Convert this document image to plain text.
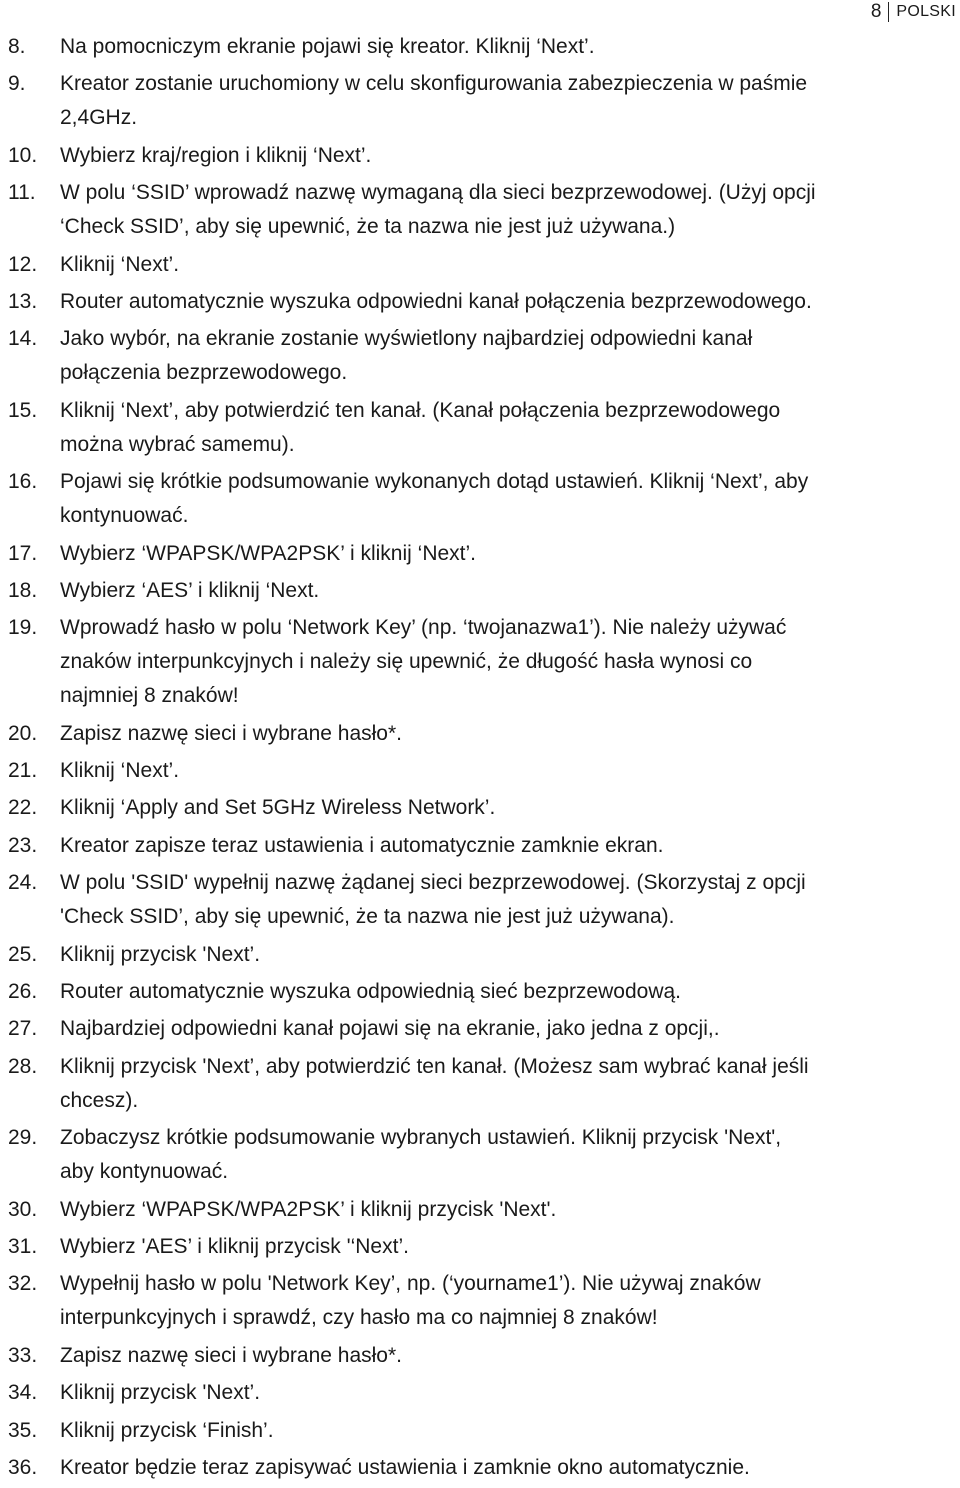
8 POLSKI
8.	Na pomocniczym ekranie pojawi się kreator. Kliknij ‘Next’.
9.	Kreator zostanie uruchomiony w celu skonfigurowania zabezpieczenia w paśmie
2,4GHz.
10.	Wybierz kraj/region i kliknij ‘Next’.
11.	W polu ‘SSID’ wprowadź nazwę wymaganą dla sieci bezprzewodowej. (Użyj opcji
‘Check SSID’, aby się upewnić, że ta nazwa nie jest już używana.)
12.	Kliknij ‘Next’.
13.	Router automatycznie wyszuka odpowiedni kanał połączenia bezprzewodowego.
14.	Jako wybór, na ekranie zostanie wyświetlony najbardziej odpowiedni kanał
połączenia bezprzewodowego.
15.	Kliknij ‘Next’, aby potwierdzić ten kanał. (Kanał połączenia bezprzewodowego
można wybrać samemu).
16.	Pojawi się krótkie podsumowanie wykonanych dotąd ustawień. Kliknij ‘Next’, aby
kontynuować.
17.	Wybierz ‘WPAPSK/WPA2PSK’ i kliknij ‘Next’.
18.	Wybierz ‘AES’ i kliknij ‘Next.
19.	Wprowadź hasło w polu ‘Network Key’ (np. ‘twojanazwa1’). Nie należy używać
znaków interpunkcyjnych i należy się upewnić, że długość hasła wynosi co
najmniej 8 znaków!
20.	Zapisz nazwę sieci i wybrane hasło*.
21.	Kliknij ‘Next’.
22.	Kliknij ‘Apply and Set 5GHz Wireless Network’.
23.	Kreator zapisze teraz ustawienia i automatycznie zamknie ekran.
24.	W polu 'SSID' wypełnij nazwę żądanej sieci bezprzewodowej. (Skorzystaj z opcji
'Check SSID’, aby się upewnić, że ta nazwa nie jest już używana).
25.	Kliknij przycisk 'Next’.
26.	Router automatycznie wyszuka odpowiednią sieć bezprzewodową.
27.	Najbardziej odpowiedni kanał pojawi się na ekranie, jako jedna z opcji,.
28.	Kliknij przycisk 'Next’, aby potwierdzić ten kanał. (Możesz sam wybrać kanał jeśli
chcesz).
29.	Zobaczysz krótkie podsumowanie wybranych ustawień. Kliknij przycisk 'Next',
aby kontynuować.
30.	Wybierz ‘WPAPSK/WPA2PSK’ i kliknij przycisk 'Next'.
31.	Wybierz 'AES’ i kliknij przycisk '‘Next’.
32.	Wypełnij hasło w polu 'Network Key’, np. (‘yourname1’). Nie używaj znaków
interpunkcyjnych i sprawdź, czy hasło ma co najmniej 8 znaków!
33.	Zapisz nazwę sieci i wybrane hasło*.
34.	Kliknij przycisk 'Next’.
35.	Kliknij przycisk ‘Finish’.
36.	Kreator będzie teraz zapisywać ustawienia i zamknie okno automatycznie.
